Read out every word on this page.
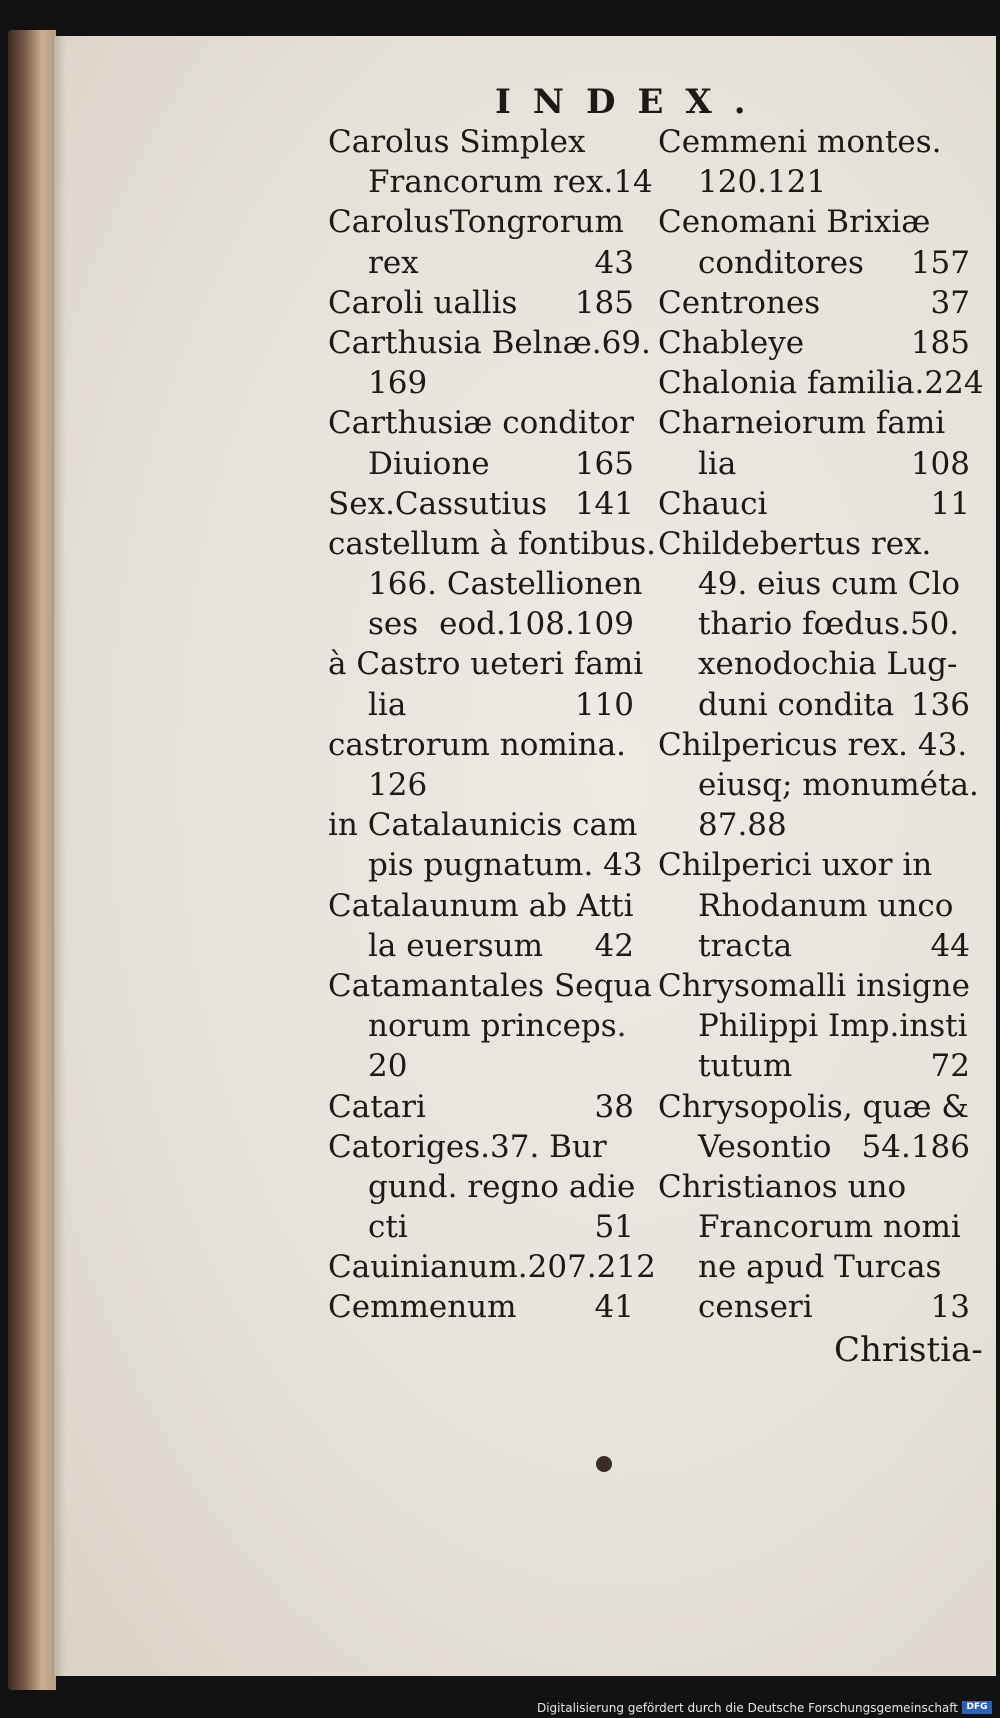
INDEX.
Carolus Simplex
Francorum rex.14
CarolusTongrorum
rex	43
Caroli uallis 185
Carthusia Belnæ.69.
169
Carthusiæ conditor
Diuione	165
Sex.Cassutius 141
castellum à fontibus.
166. Castellionen
ses eod.108.109
à Castro ueteri fami
lia	110
castrorum nomina.
126
in Catalaunicis cam
pis pugnatum. 43
Catalaunum ab Atti
la euersum 42
Catamantales Sequa
norum princeps.
20
Catari	38
Catoriges.37. Bur
gund. regno adie
cti	51
Cauinianum.207.212
Cemmenum	41
Cemmeni montes.
120.121
Cenomani Brixiæ
conditores 157
Centrones	37
Chableye	185
Chalonia familia.224
Charneiorum fami
lia	108
Chauci	11
Childebertus rex.
49. eius cum Clo
thario fœdus.50.
xenodochia Lug-
duni condita 136
Chilpericus rex. 43.
eiusq; monuméta.
87.88
Chilperici uxor in
Rhodanum unco
tracta	44
Chrysomalli insigne
Philippi Imp.insti
tutum	72
Chrysopolis, quæ &
Vesontio 54.186
Christianos uno
Francorum nomi
ne apud Turcas
censeri	13
Christia-
Digitalisierung gefördert durch die Deutsche Forschungsgemeinschaft DFG
